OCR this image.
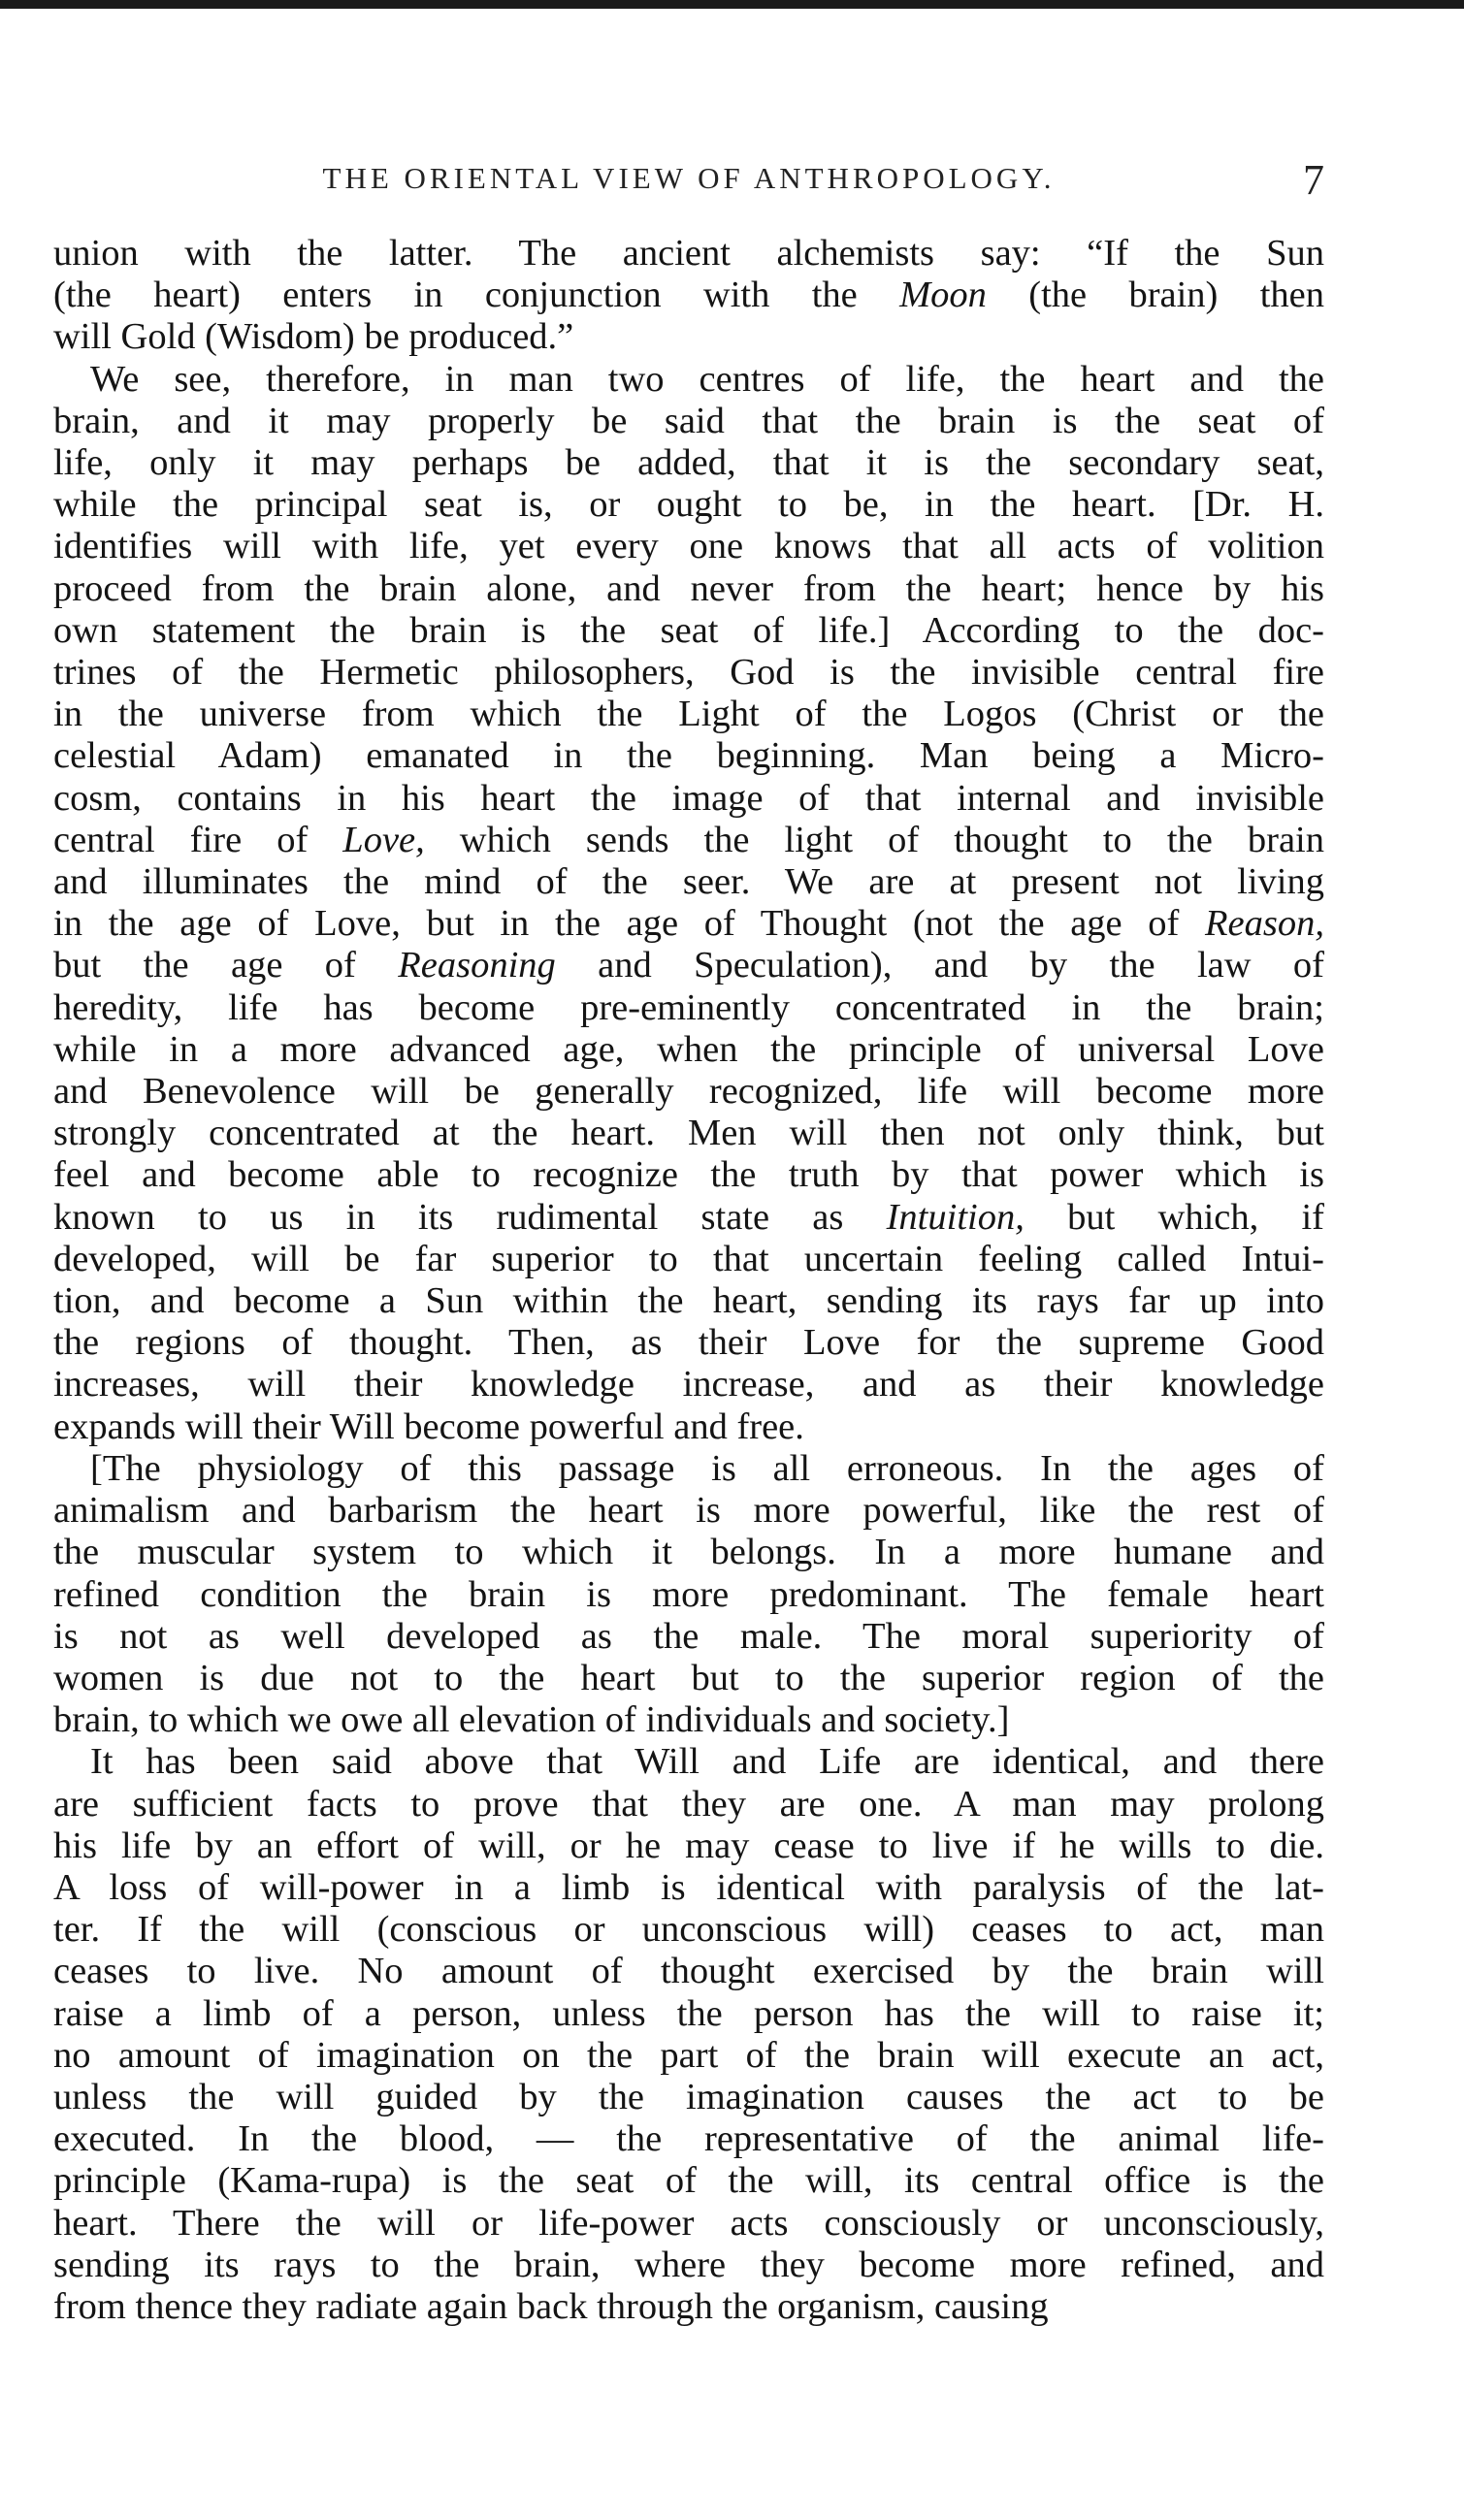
THE ORIENTAL VIEW OF ANTHROPOLOGY.	7
union with the latter. The ancient alchemists say: “If the Sun
(the heart) enters in conjunction with the Moon (the brain) then
will Gold (Wisdom) be produced.”
We see, therefore, in man two centres of life, the heart and the
brain, and it may properly be said that the brain is the seat of
life, only it may perhaps be added, that it is the secondary seat,
while the principal seat is, or ought to be, in the heart. [Dr. H.
identifies will with life, yet every one knows that all acts of volition
proceed from the brain alone, and never from the heart; hence by his
own statement the brain is the seat of life.] According to the doc-
trines of the Hermetic philosophers, God is the invisible central fire
in the universe from which the Light of the Logos (Christ or the
celestial Adam) emanated in the beginning. Man being a Micro-
cosm, contains in his heart the image of that internal and invisible
central fire of Love, which sends the light of thought to the brain
and illuminates the mind of the seer. We are at present not living
in the age of Love, but in the age of Thought (not the age of Reason,
but the age of Reasoning and Speculation), and by the law of
heredity, life has become pre-eminently concentrated in the brain;
while in a more advanced age, when the principle of universal Love
and Benevolence will be generally recognized, life will become more
strongly concentrated at the heart. Men will then not only think, but
feel and become able to recognize the truth by that power which is
known to us in its rudimental state as Intuition, but which, if
developed, will be far superior to that uncertain feeling called Intui-
tion, and become a Sun within the heart, sending its rays far up into
the regions of thought. Then, as their Love for the supreme Good
increases, will their knowledge increase, and as their knowledge
expands will their Will become powerful and free.
[The physiology of this passage is all erroneous. In the ages of
animalism and barbarism the heart is more powerful, like the rest of
the muscular system to which it belongs. In a more humane and
refined condition the brain is more predominant. The female heart
is not as well developed as the male. The moral superiority of
women is due not to the heart but to the superior region of the
brain, to which we owe all elevation of individuals and society.]
It has been said above that Will and Life are identical, and there
are sufficient facts to prove that they are one. A man may prolong
his life by an effort of will, or he may cease to live if he wills to die.
A loss of will-power in a limb is identical with paralysis of the lat-
ter. If the will (conscious or unconscious will) ceases to act, man
ceases to live. No amount of thought exercised by the brain will
raise a limb of a person, unless the person has the will to raise it;
no amount of imagination on the part of the brain will execute an act,
unless the will guided by the imagination causes the act to be
executed. In the blood, — the representative of the animal life-
principle (Kama-rupa) is the seat of the will, its central office is the
heart. There the will or life-power acts consciously or unconsciously,
sending its rays to the brain, where they become more refined, and
from thence they radiate again back through the organism, causing
